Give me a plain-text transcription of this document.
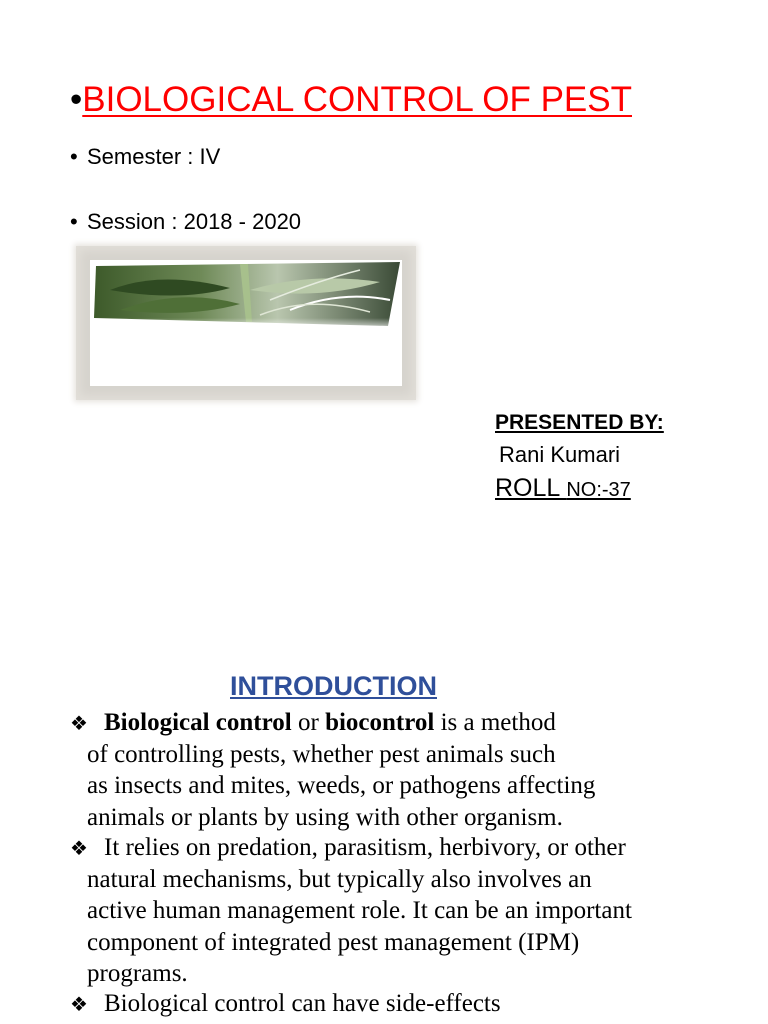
•BIOLOGICAL CONTROL OF PEST
• Semester : IV
• Session : 2018 - 2020
PRESENTED BY:
Rani Kumari
ROLL NO:-37
INTRODUCTION
❖ Biological control or biocontrol is a method
of controlling pests, whether pest animals such
as insects and mites, weeds, or pathogens affecting
animals or plants by using with other organism.
❖ It relies on predation, parasitism, herbivory, or other
natural mechanisms, but typically also involves an
active human management role. It can be an important
component of integrated pest management (IPM)
programs.
❖ Biological control can have side-effects
